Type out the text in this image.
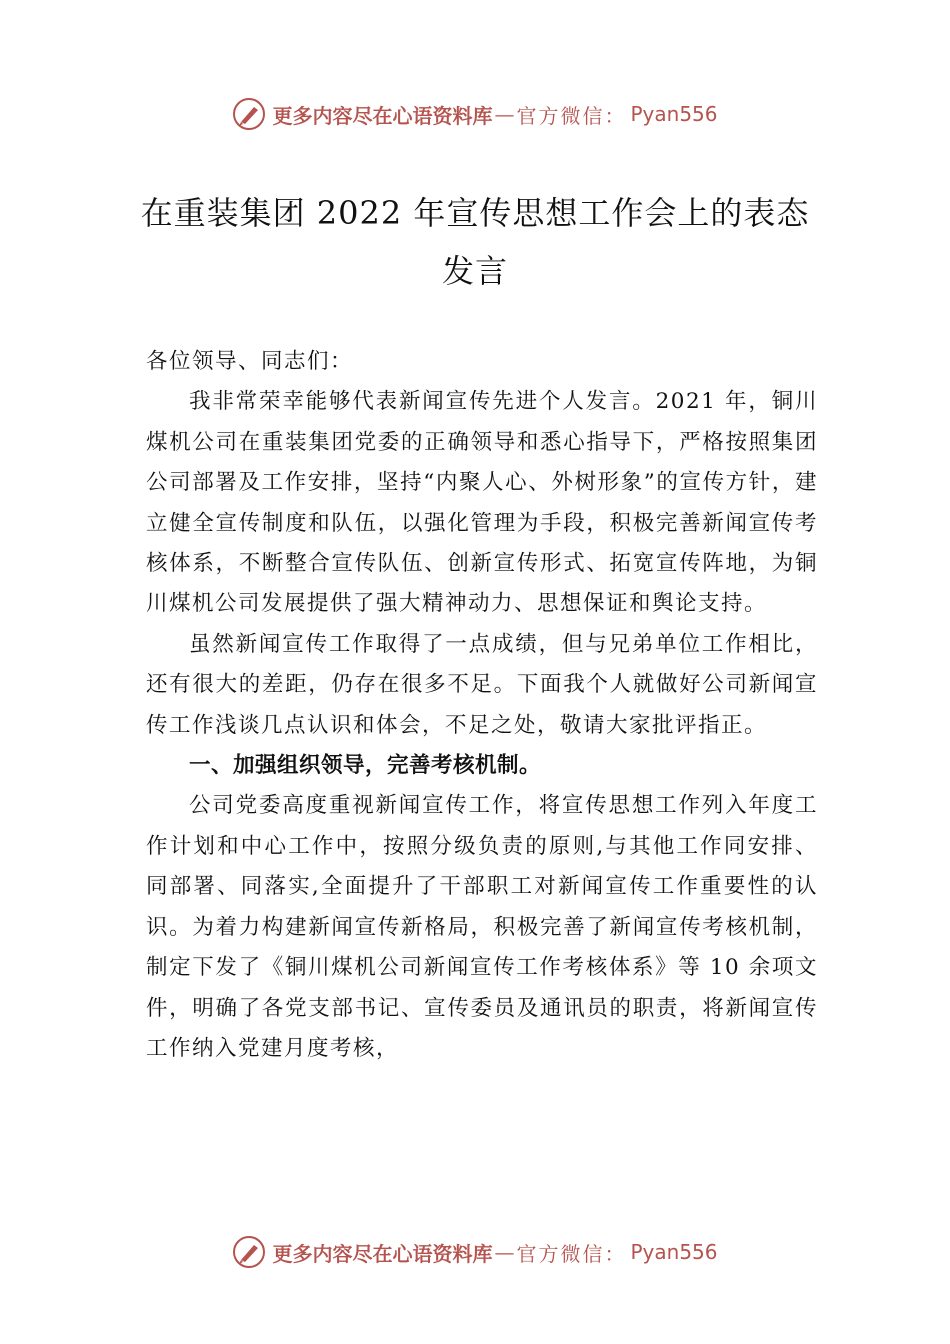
更多内容尽在心语资料库 — 官方微信： Pyan556
在重装集团 2022 年宣传思想工作会上的表态发言

各位领导、同志们：

我非常荣幸能够代表新闻宣传先进个人发言。2021 年，铜川煤机公司在重装集团党委的正确领导和悉心指导下，严格按照集团公司部署及工作安排，坚持“内聚人心、外树形象”的宣传方针，建立健全宣传制度和队伍，以强化管理为手段，积极完善新闻宣传考核体系，不断整合宣传队伍、创新宣传形式、拓宽宣传阵地，为铜川煤机公司发展提供了强大精神动力、思想保证和舆论支持。

虽然新闻宣传工作取得了一点成绩，但与兄弟单位工作相比，还有很大的差距，仍存在很多不足。下面我个人就做好公司新闻宣传工作浅谈几点认识和体会，不足之处，敬请大家批评指正。

一、加强组织领导，完善考核机制。

公司党委高度重视新闻宣传工作，将宣传思想工作列入年度工作计划和中心工作中，按照分级负责的原则,与其他工作同安排、同部署、同落实,全面提升了干部职工对新闻宣传工作重要性的认识。为着力构建新闻宣传新格局，积极完善了新闻宣传考核机制，制定下发了《铜川煤机公司新闻宣传工作考核体系》等 10 余项文件，明确了各党支部书记、宣传委员及通讯员的职责，将新闻宣传工作纳入党建月度考核，

更多内容尽在心语资料库 — 官方微信： Pyan556
